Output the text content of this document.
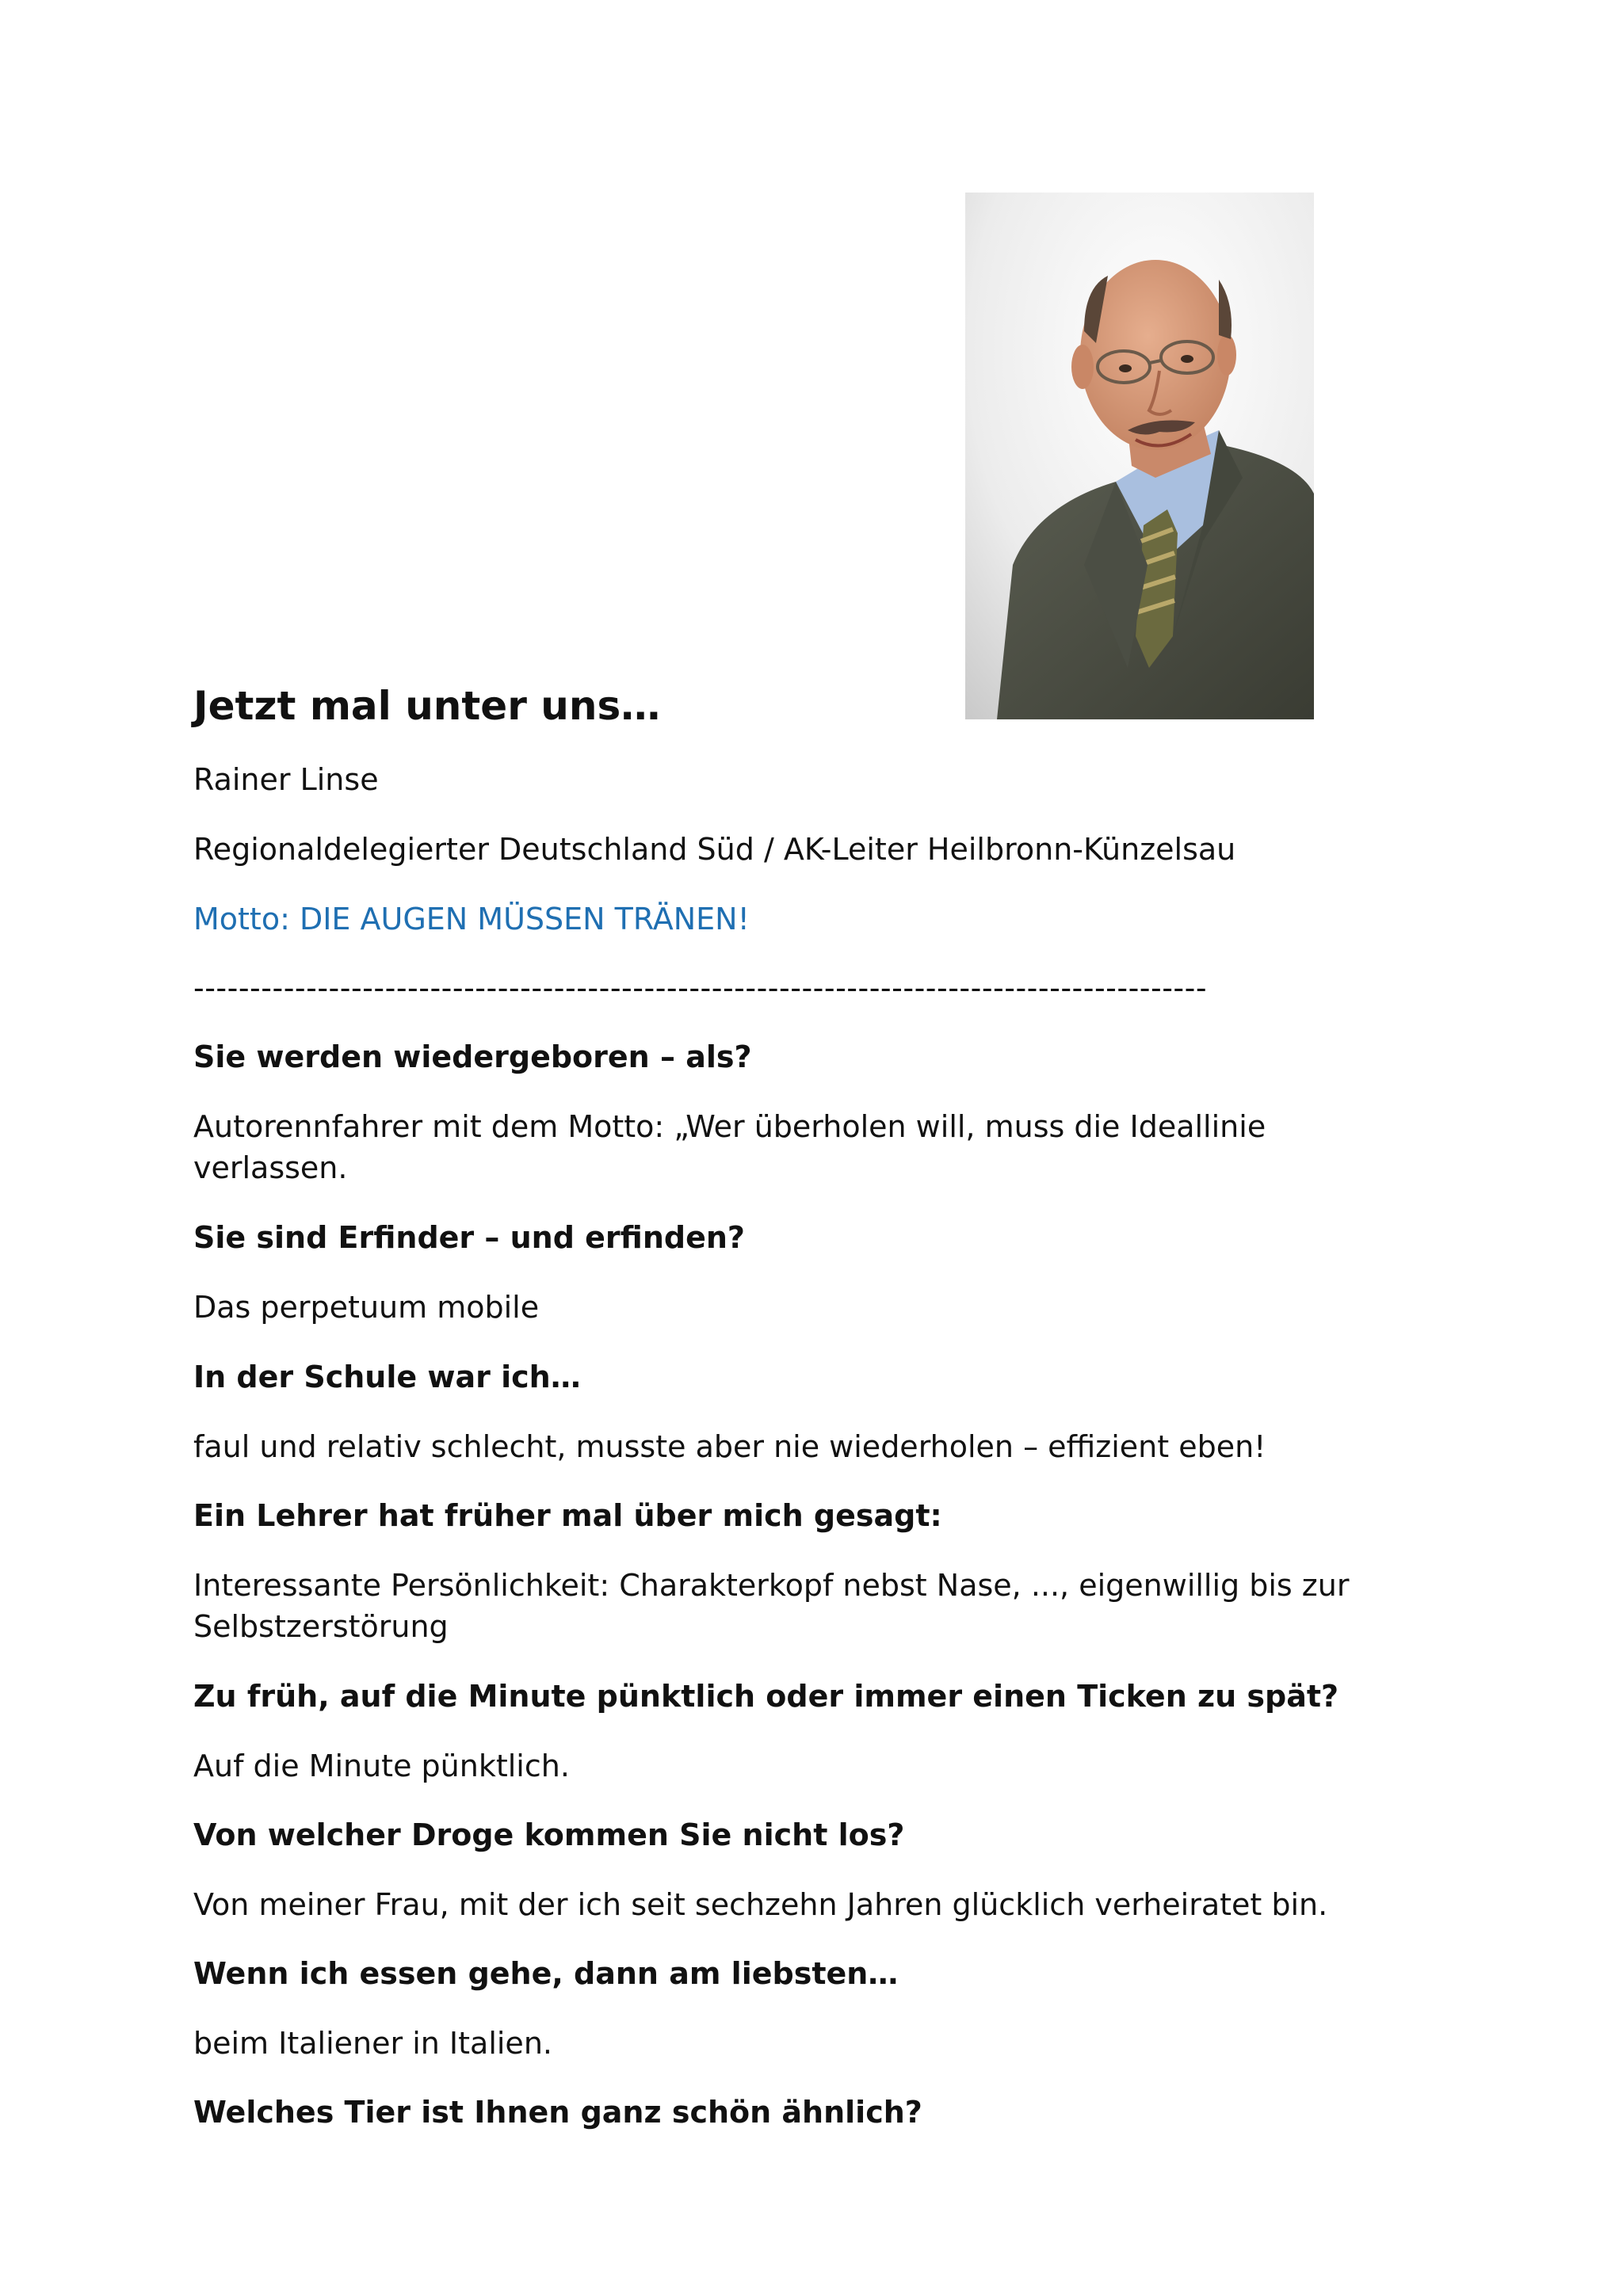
Jetzt mal unter uns…

Rainer Linse

Regionaldelegierter Deutschland Süd / AK-Leiter Heilbronn-Künzelsau

Motto: DIE AUGEN MÜSSEN TRÄNEN!

------------------------------------------------------------------------------------------

Sie werden wiedergeboren – als?

Autorennfahrer mit dem Motto: „Wer überholen will, muss die Ideallinie
verlassen.

Sie sind Erfinder – und erfinden?

Das perpetuum mobile

In der Schule war ich…

faul und relativ schlecht, musste aber nie wiederholen – effizient eben!

Ein Lehrer hat früher mal über mich gesagt:

Interessante Persönlichkeit: Charakterkopf nebst Nase, ..., eigenwillig bis zur
Selbstzerstörung

Zu früh, auf die Minute pünktlich oder immer einen Ticken zu spät?

Auf die Minute pünktlich.

Von welcher Droge kommen Sie nicht los?

Von meiner Frau, mit der ich seit sechzehn Jahren glücklich verheiratet bin.

Wenn ich essen gehe, dann am liebsten…

beim Italiener in Italien.

Welches Tier ist Ihnen ganz schön ähnlich?
